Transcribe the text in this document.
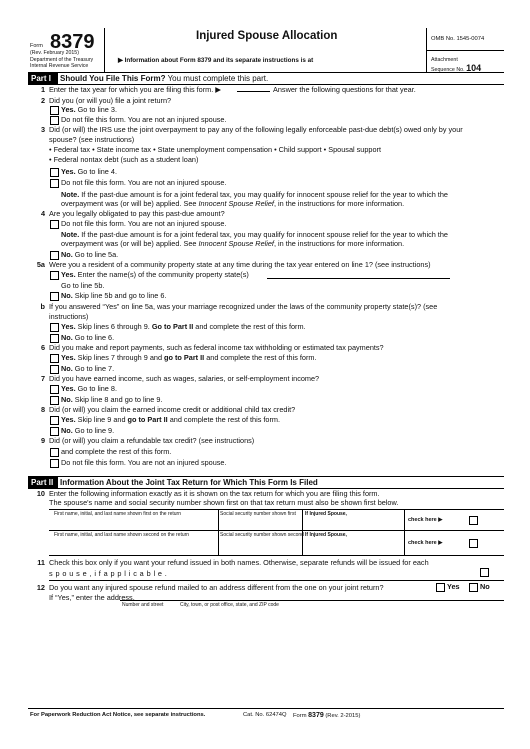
Form 8379
(Rev. February 2015)
Department of the Treasury
Internal Revenue Service
Injured Spouse Allocation
▶ Information about Form 8379 and its separate instructions is at
OMB No. 1545-0074
Attachment
Sequence No. 104
Part I	Should You File This Form? You must complete this part.
1 Enter the tax year for which you are filing this form. ▶	Answer the following questions for that year.
2 Did you (or will you) file a joint return?
Yes. Go to line 3.
Do not file this form. You are not an injured spouse.
3 Did (or will) the IRS use the joint overpayment to pay any of the following legally enforceable past-due debt(s) owed only by your
spouse? (see instructions)
• Federal tax • State income tax • State unemployment compensation • Child support • Spousal support
• Federal nontax debt (such as a student loan)
Yes. Go to line 4.
Do not file this form. You are not an injured spouse.
Note. If the past-due amount is for a joint federal tax, you may qualify for innocent spouse relief for the year to which the
overpayment was (or will be) applied. See Innocent Spouse Relief, in the instructions for more information.
4 Are you legally obligated to pay this past-due amount?
Do not file this form. You are not an injured spouse.
Note. If the past-due amount is for a joint federal tax, you may qualify for innocent spouse relief for the year to which the
overpayment was (or will be) applied. See Innocent Spouse Relief, in the instructions for more information.
No. Go to line 5a.
5a Were you a resident of a community property state at any time during the tax year entered on line 1? (see instructions)
Yes. Enter the name(s) of the community property state(s)
Go to line 5b.
No. Skip line 5b and go to line 6.
b If you answered “Yes” on line 5a, was your marriage recognized under the laws of the community property state(s)? (see
instructions)
Yes. Skip lines 6 through 9. Go to Part II and complete the rest of this form.
No. Go to line 6.
6 Did you make and report payments, such as federal income tax withholding or estimated tax payments?
Yes. Skip lines 7 through 9 and go to Part II and complete the rest of this form.
No. Go to line 7.
7 Did you have earned income, such as wages, salaries, or self-employment income?
Yes. Go to line 8.
No. Skip line 8 and go to line 9.
8 Did (or will) you claim the earned income credit or additional child tax credit?
Yes. Skip line 9 and go to Part II and complete the rest of this form.
No. Go to line 9.
9 Did (or will) you claim a refundable tax credit? (see instructions)
and complete the rest of this form.
Do not file this form. You are not an injured spouse.
Part II Information About the Joint Tax Return for Which This Form Is Filed
10 Enter the following information exactly as it is shown on the tax return for which you are filing this form.
The spouse's name and social security number shown first on that tax return must also be shown first below.
First name, initial, and last name shown first on the return	Social security number shown first If Injured Spouse,
check here ▶
First name, initial, and last name shown second on the return	Social security number shown second If Injured Spouse,
check here ▶
11 Check this box only if you want your refund issued in both names. Otherwise, separate refunds will be issued for each
s p o u s e , i f a p p l i c a b l e .
12 Do you want any injured spouse refund mailed to an address different from the one on your joint return?	Yes	No
If “Yes,” enter the address.
Number and street	City, town, or post office, state, and ZIP code
For Paperwork Reduction Act Notice, see separate instructions.	Cat. No. 62474Q Form 8379 (Rev. 2-2015)
